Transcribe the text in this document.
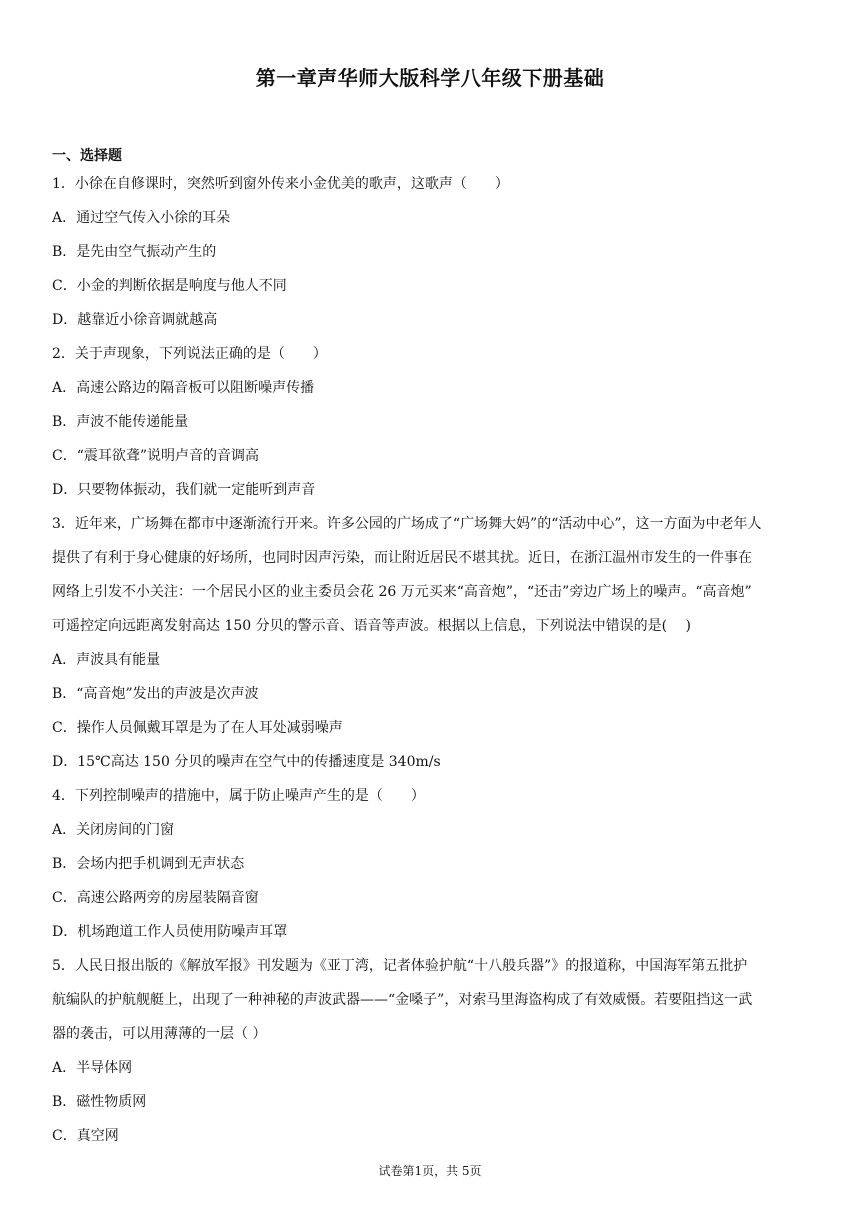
第一章声华师大版科学八年级下册基础
一、选择题

1．小徐在自修课时，突然听到窗外传来小金优美的歌声，这歌声（　　）

A．通过空气传入小徐的耳朵

B．是先由空气振动产生的

C．小金的判断依据是响度与他人不同

D．越靠近小徐音调就越高

2．关于声现象，下列说法正确的是（　　）

A．高速公路边的隔音板可以阻断噪声传播

B．声波不能传递能量

C．“震耳欲聋”说明卢音的音调高

D．只要物体振动，我们就一定能听到声音

3．近年来，广场舞在都市中逐渐流行开来。许多公园的广场成了“广场舞大妈”的“活动中心”，这一方面为中老年人

提供了有利于身心健康的好场所，也同时因声污染，而让附近居民不堪其扰。近日，在浙江温州市发生的一件事在

网络上引发不小关注：一个居民小区的业主委员会花 26 万元买来“高音炮”，“还击”旁边广场上的噪声。“高音炮”

可遥控定向远距离发射高达 150 分贝的警示音、语音等声波。根据以上信息，下列说法中错误的是(　 )

A．声波具有能量

B．“高音炮”发出的声波是次声波

C．操作人员佩戴耳罩是为了在人耳处减弱噪声

D．15℃高达 150 分贝的噪声在空气中的传播速度是 340m/s

4．下列控制噪声的措施中，属于防止噪声产生的是（　　）

A．关闭房间的门窗

B．会场内把手机调到无声状态

C．高速公路两旁的房屋装隔音窗

D．机场跑道工作人员使用防噪声耳罩

5．人民日报出版的《解放军报》刊发题为《亚丁湾，记者体验护航“十八般兵器”》的报道称，中国海军第五批护

航编队的护航舰艇上，出现了一种神秘的声波武器——“金嗓子”，对索马里海盗构成了有效威慑。若要阻挡这一武

器的袭击，可以用薄薄的一层（ ）

A．半导体网

B．磁性物质网

C．真空网

试卷第1页，共 5页
